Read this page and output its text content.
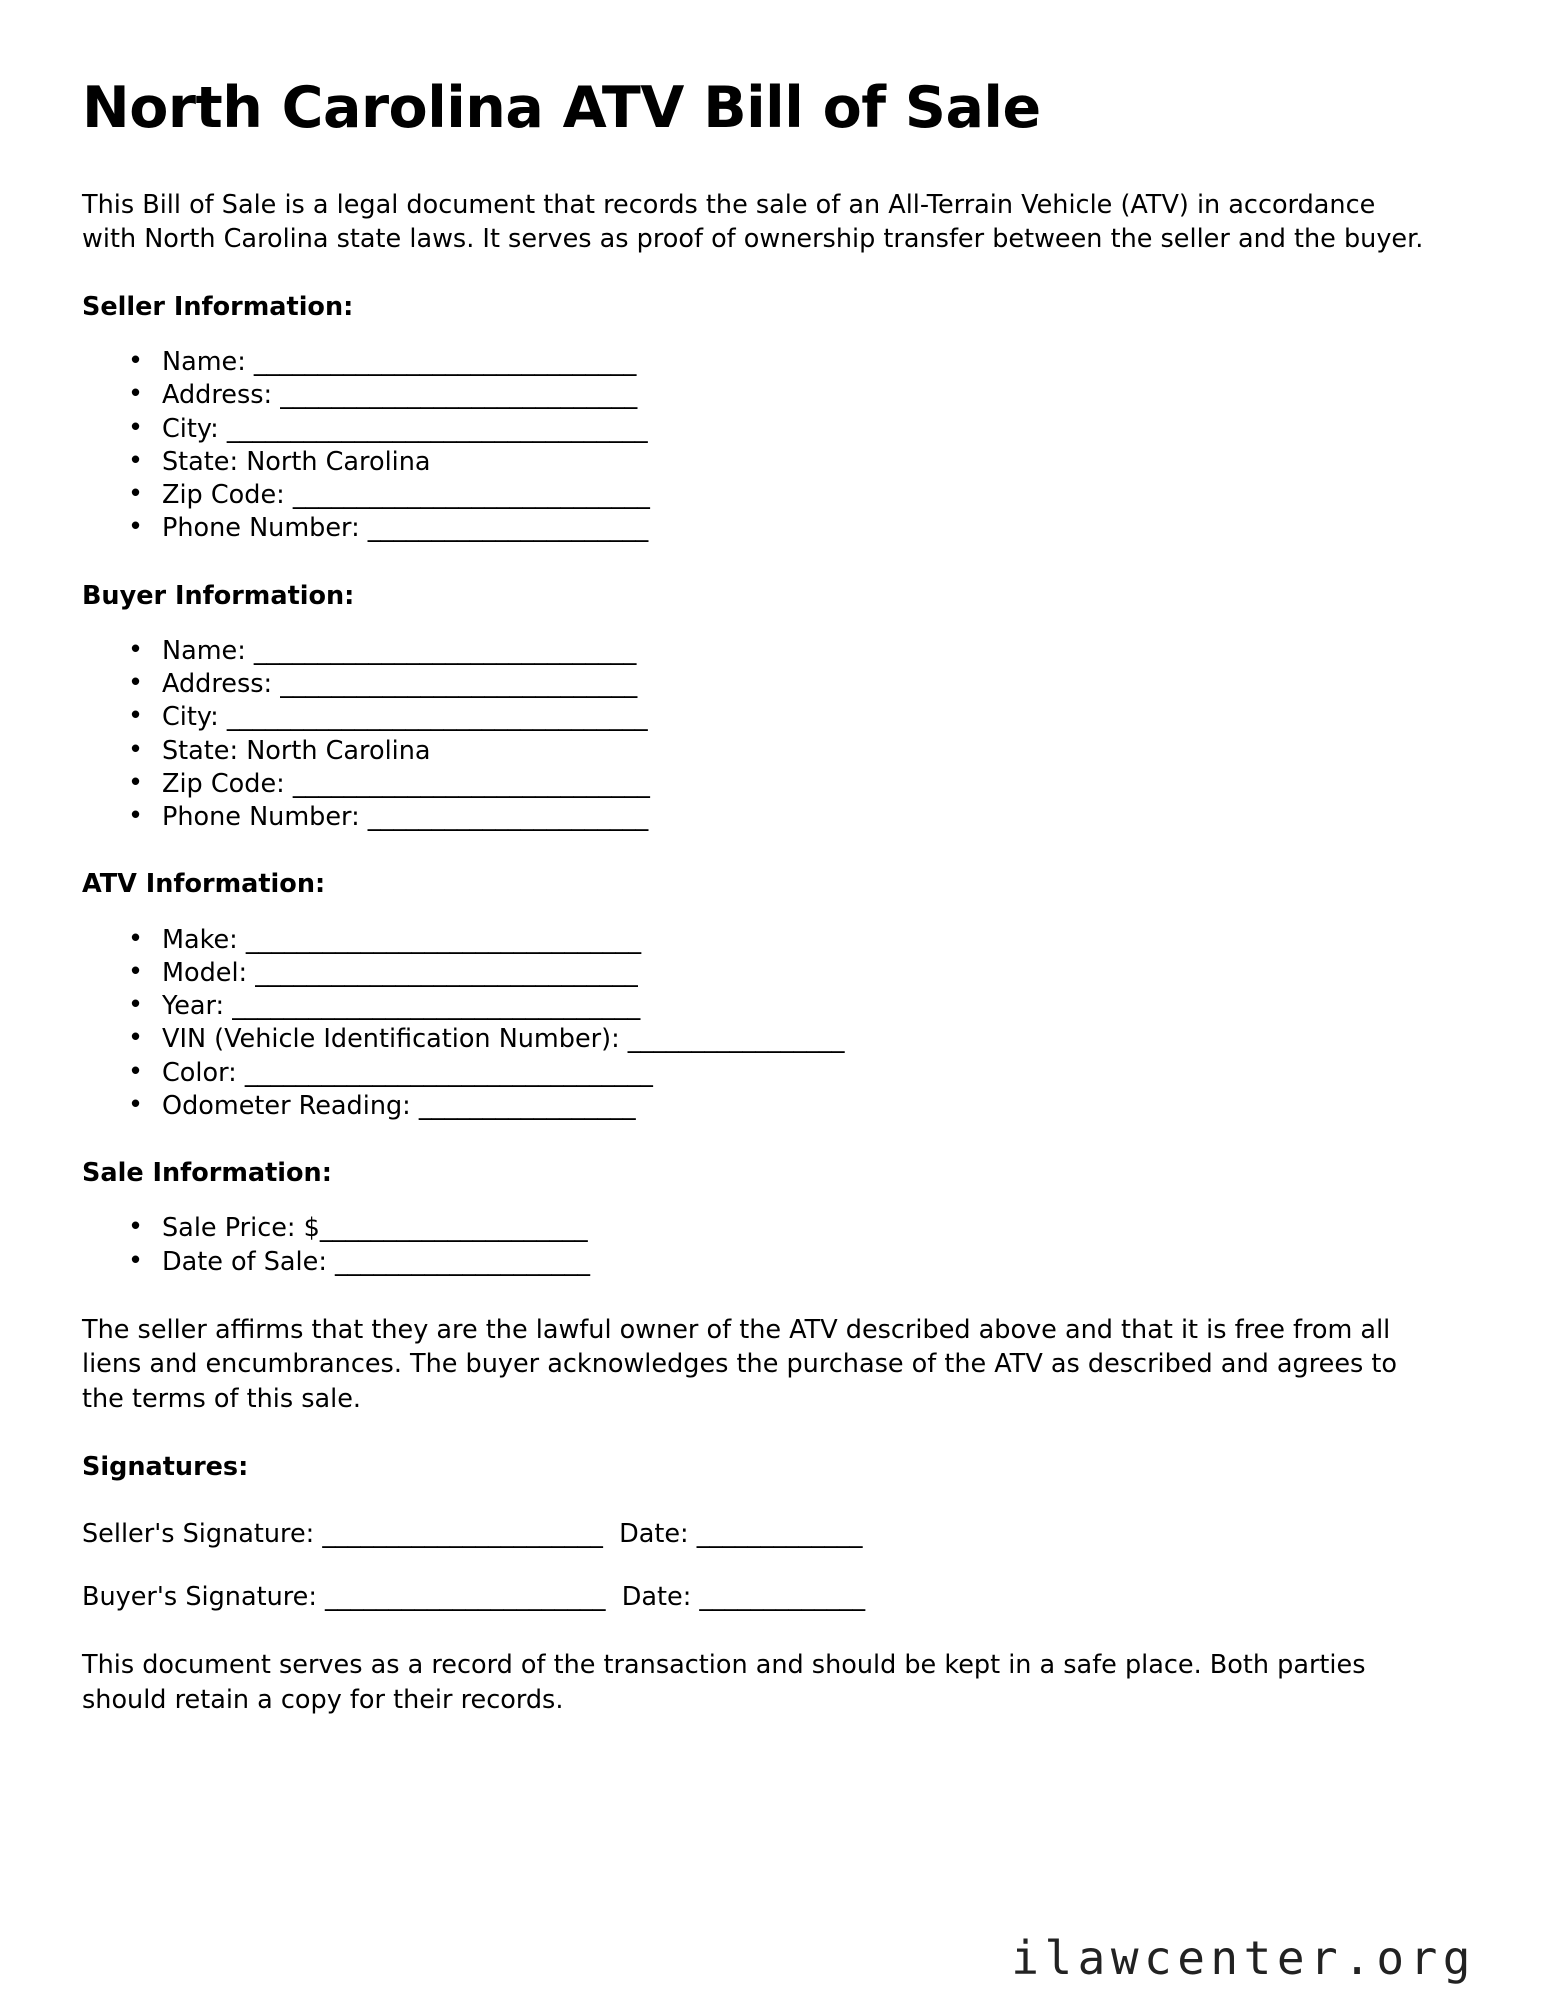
North Carolina ATV Bill of Sale

This Bill of Sale is a legal document that records the sale of an All-Terrain Vehicle (ATV) in accordance with North Carolina state laws. It serves as proof of ownership transfer between the seller and the buyer.

Seller Information:
• Name: ______________________________
• Address: ____________________________
• City: _________________________________
• State: North Carolina
• Zip Code: ____________________________
• Phone Number: ______________________
Buyer Information:
• Name: ______________________________
• Address: ____________________________
• City: _________________________________
• State: North Carolina
• Zip Code: ____________________________
• Phone Number: ______________________
ATV Information:
• Make: _______________________________
• Model: ______________________________
• Year: ________________________________
• VIN (Vehicle Identification Number): _________________
• Color: ________________________________
• Odometer Reading: _________________
Sale Information:
• Sale Price: $_____________________
• Date of Sale: ____________________

The seller affirms that they are the lawful owner of the ATV described above and that it is free from all liens and encumbrances. The buyer acknowledges the purchase of the ATV as described and agrees to the terms of this sale.

Signatures:
Seller's Signature: ______________________ Date: _____________
Buyer's Signature: ______________________ Date: _____________

This document serves as a record of the transaction and should be kept in a safe place. Both parties should retain a copy for their records.

ilawcenter.org
